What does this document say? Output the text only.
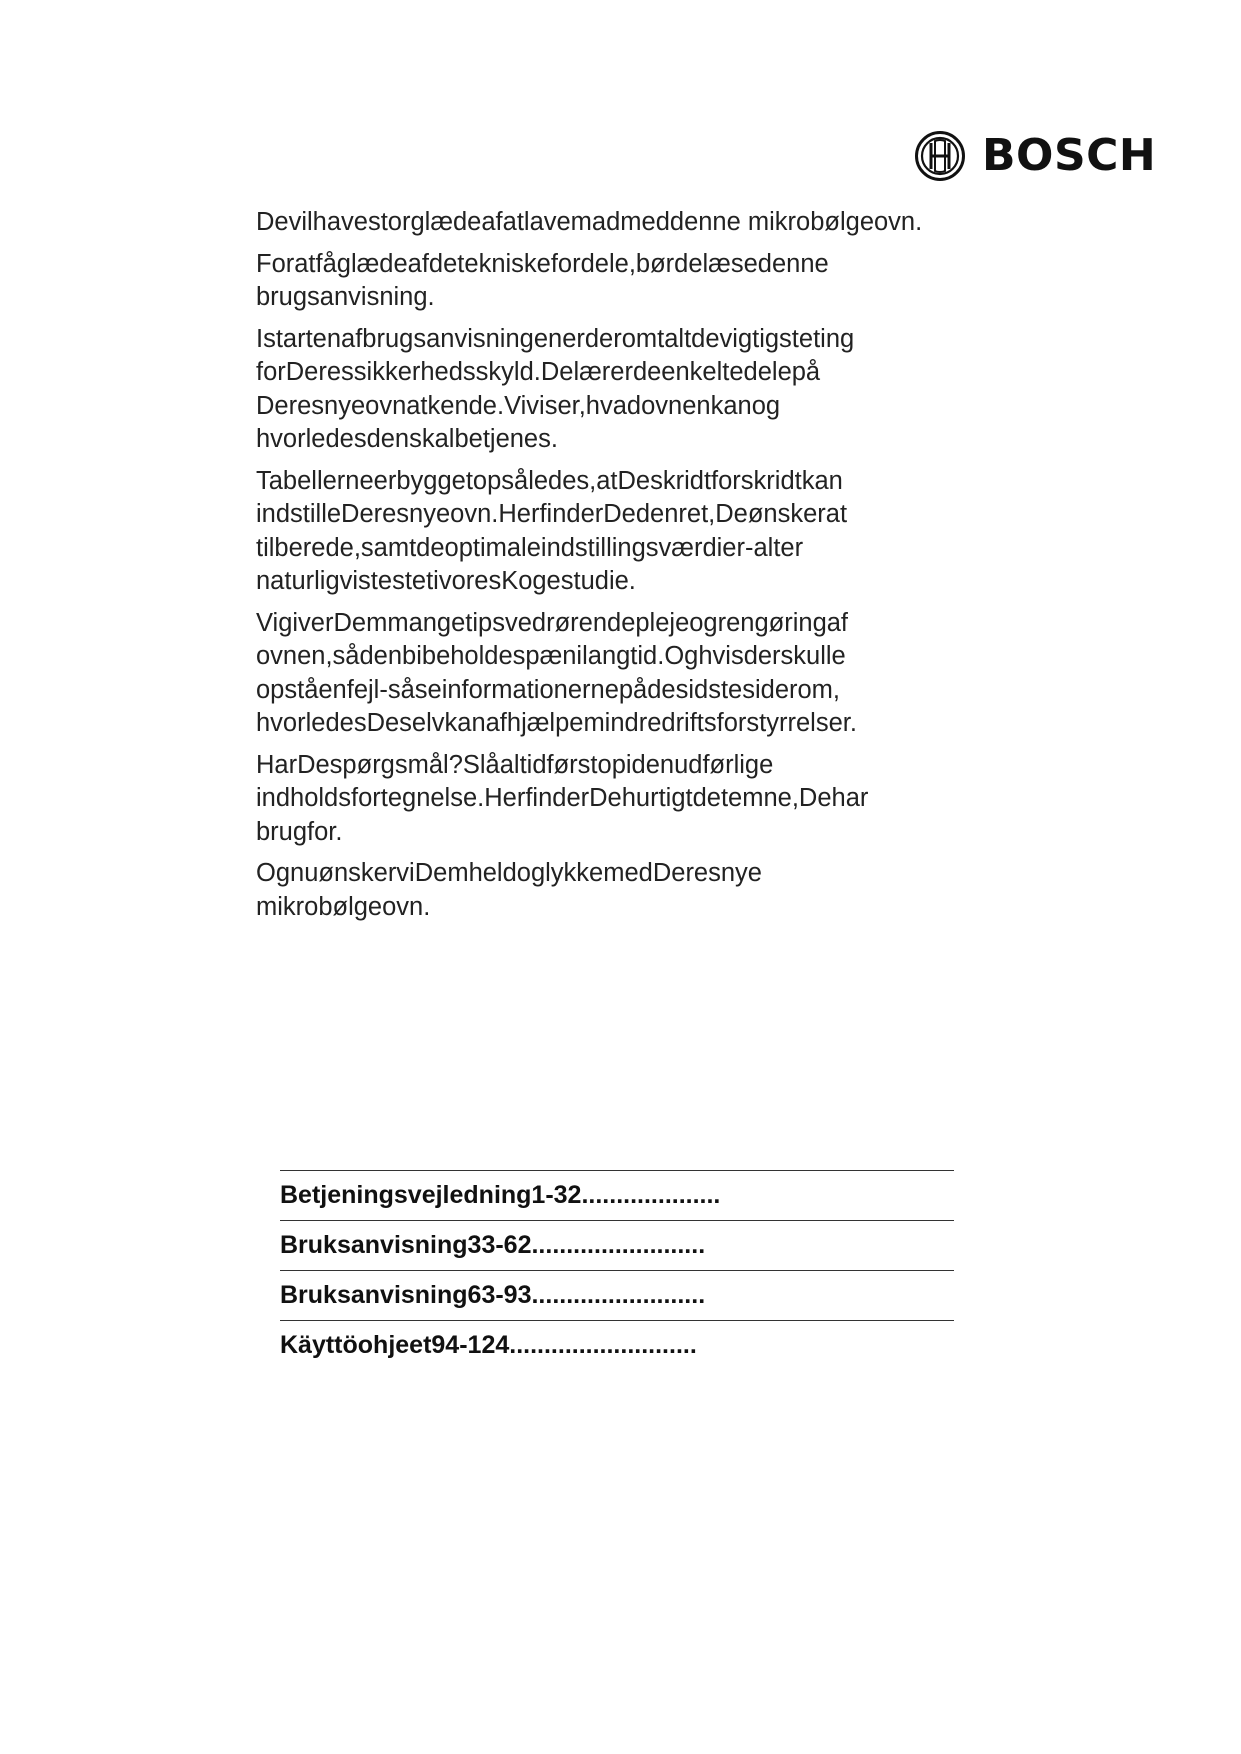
BOSCH

Devilhavestorglædeafatlavemadmeddenne mikrobølgeovn.

Foratfåglædeafdetekniskefordele,børdelæsedenne brugsanvisning.

Istartenafbrugsanvisningenerderomtaltdevigtigsteting forDeressikkerhedsskyld.Delærerdeenkeltedelepå Deresnyeovnatkende.Viviser,hvadovnenkanog hvorledesdenskalbetjenes.

Tabellerneerbyggetopsåledes,atDeskridtforskridtkan indstilleDeresnyeovn.HerfinderDedenret,Deønskerat tilberede,samtdeoptimaleindstillingsværdier-alter naturligvistestetivoresKogestudie.

VigiverDemmangetipsvedrørendeplejeogrengøringaf ovnen,sådenbibeholdespænilangtid.Oghvisderskulle opståenfejl-såseinformationernepådesidstesiderom, hvorledesDeselvkanafhjælpemindredriftsforstyrrelser.

HarDespørgsmål?Slåaltidførstopidenudførlige indholdsfortegnelse.HerfinderDehurtigtdetemne,Dehar brugfor.

OgnuønskerviDemheldoglykkemedDeresnye mikrobølgeovn.

Betjeningsvejledning1-32....................
Bruksanvisning33-62.........................
Bruksanvisning63-93.........................
Käyttöohjeet94-124...........................
